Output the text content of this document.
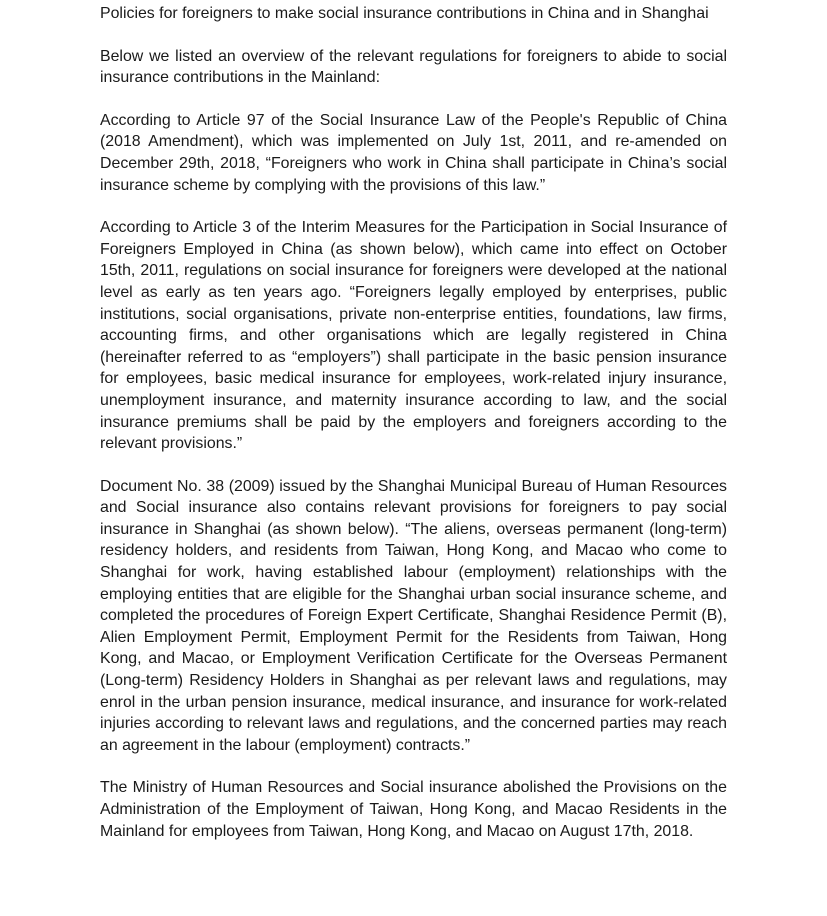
Policies for foreigners to make social insurance contributions in China and in Shanghai

Below we listed an overview of the relevant regulations for foreigners to abide to social insurance contributions in the Mainland:

According to Article 97 of the Social Insurance Law of the People's Republic of China (2018 Amendment), which was implemented on July 1st, 2011, and re-amended on December 29th, 2018, “Foreigners who work in China shall participate in China’s social insurance scheme by complying with the provisions of this law.”

According to Article 3 of the Interim Measures for the Participation in Social Insurance of Foreigners Employed in China (as shown below), which came into effect on October 15th, 2011, regulations on social insurance for foreigners were developed at the national level as early as ten years ago. “Foreigners legally employed by enterprises, public institutions, social organisations, private non-enterprise entities, foundations, law firms, accounting firms, and other organisations which are legally registered in China (hereinafter referred to as “employers”) shall participate in the basic pension insurance for employees, basic medical insurance for employees, work-related injury insurance, unemployment insurance, and maternity insurance according to law, and the social insurance premiums shall be paid by the employers and foreigners according to the relevant provisions.”

Document No. 38 (2009) issued by the Shanghai Municipal Bureau of Human Resources and Social insurance also contains relevant provisions for foreigners to pay social insurance in Shanghai (as shown below). “The aliens, overseas permanent (long-term) residency holders, and residents from Taiwan, Hong Kong, and Macao who come to Shanghai for work, having established labour (employment) relationships with the employing entities that are eligible for the Shanghai urban social insurance scheme, and completed the procedures of Foreign Expert Certificate, Shanghai Residence Permit (B), Alien Employment Permit, Employment Permit for the Residents from Taiwan, Hong Kong, and Macao, or Employment Verification Certificate for the Overseas Permanent (Long-term) Residency Holders in Shanghai as per relevant laws and regulations, may enrol in the urban pension insurance, medical insurance, and insurance for work-related injuries according to relevant laws and regulations, and the concerned parties may reach an agreement in the labour (employment) contracts.”

The Ministry of Human Resources and Social insurance abolished the Provisions on the Administration of the Employment of Taiwan, Hong Kong, and Macao Residents in the Mainland for employees from Taiwan, Hong Kong, and Macao on August 17th, 2018.
